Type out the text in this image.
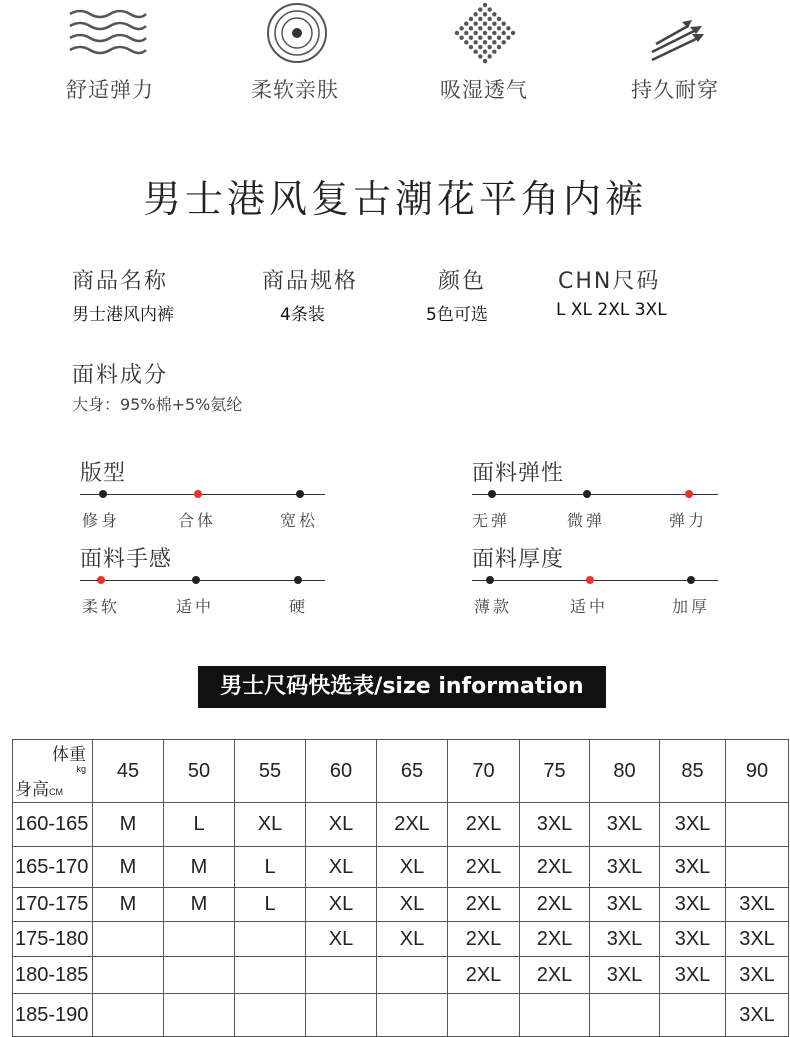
舒适弹力	柔软亲肤	吸湿透气	持久耐穿
男士港风复古潮花平角内裤
商品名称	商品规格	颜色	CHN尺码
男士港风内裤	4条装	5色可选	L XL 2XL 3XL
面料成分
大身：95%棉+5%氨纶
版型
修身	合体	宽松
面料弹性
无弹	微弹	弹力
面料手感
柔软	适中	硬
面料厚度
薄款	适中	加厚
男士尺码快选表/size information
体重
kg
身高CM	45	50	55	60	65	70	75	80	85	90
160-165	M	L	XL	XL	2XL	2XL	3XL	3XL	3XL	
165-170	M	M	L	XL	XL	2XL	2XL	3XL	3XL	
170-175	M	M	L	XL	XL	2XL	2XL	3XL	3XL	3XL
175-180				XL	XL	2XL	2XL	3XL	3XL	3XL
180-185						2XL	2XL	3XL	3XL	3XL
185-190										3XL
